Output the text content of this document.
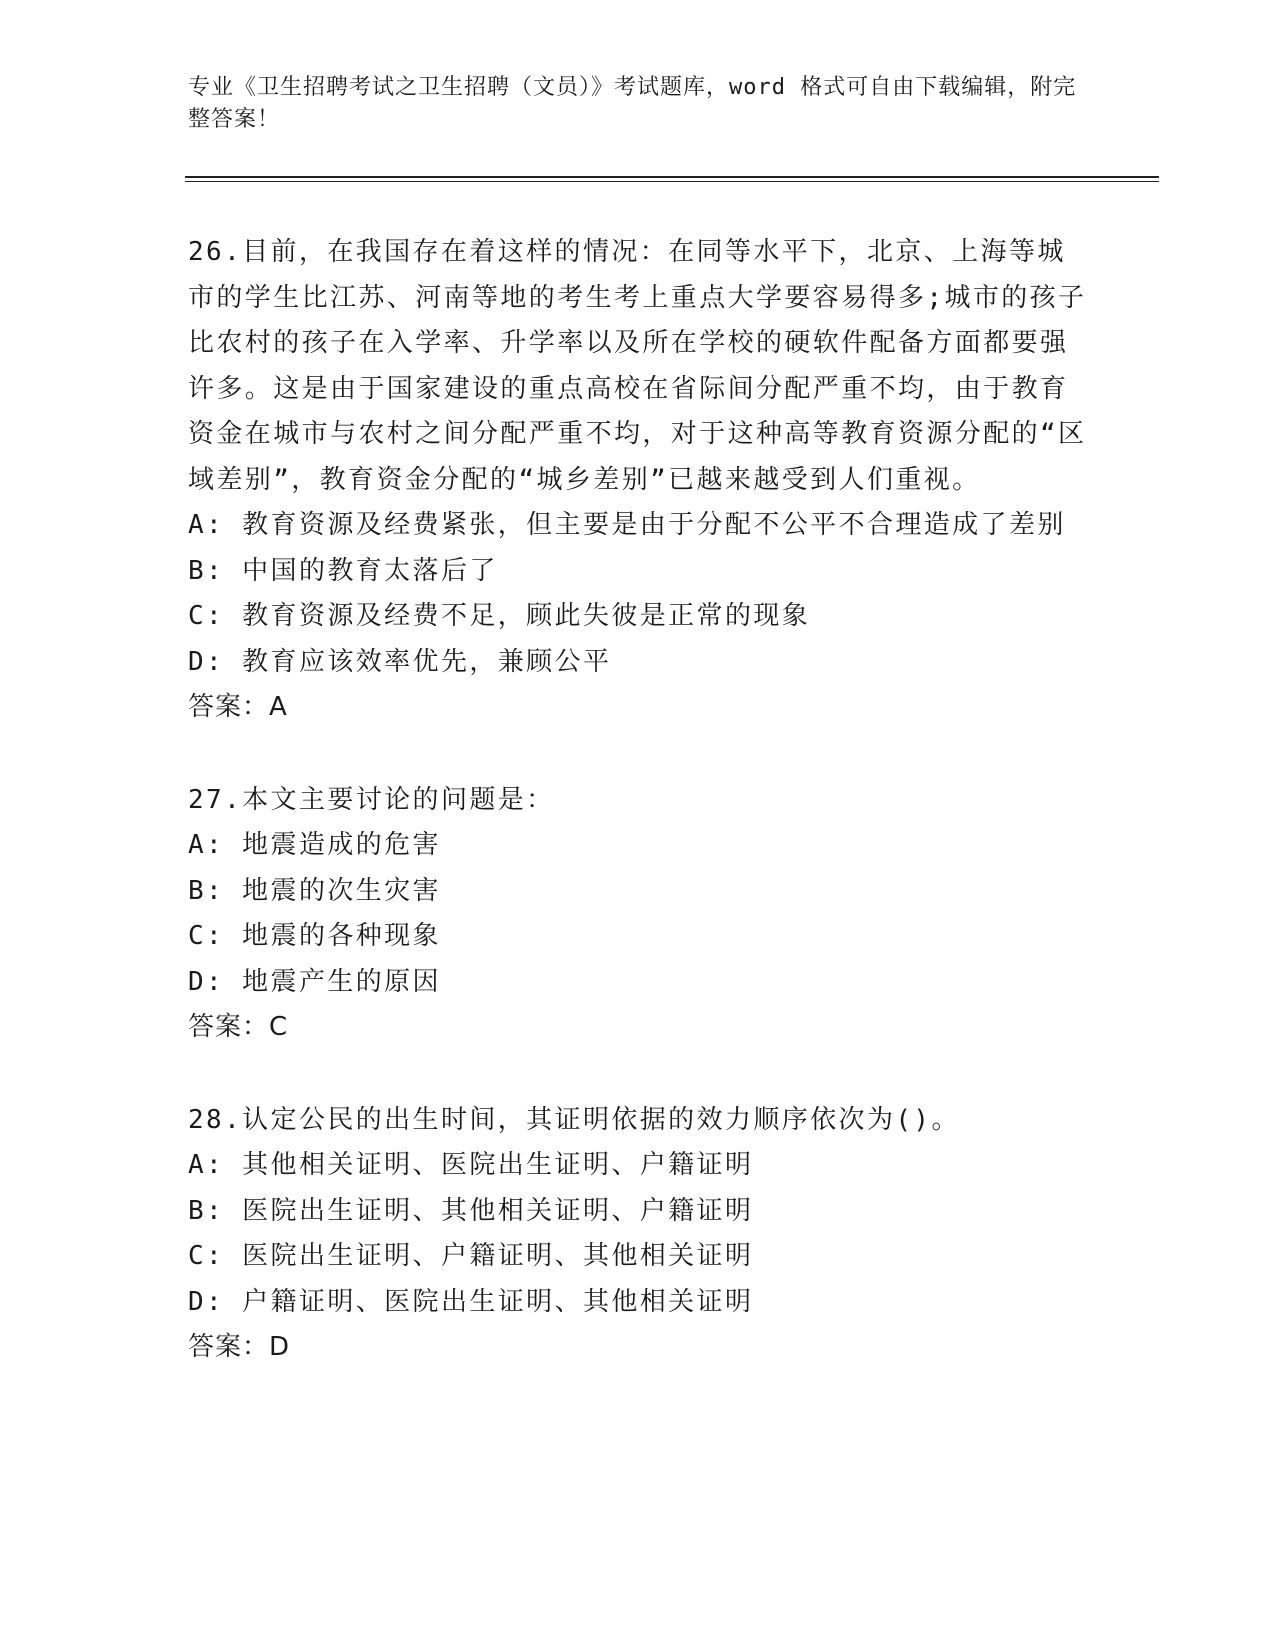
专业《卫生招聘考试之卫生招聘（文员）》考试题库，word 格式可自由下载编辑，附完整答案！

26.目前，在我国存在着这样的情况：在同等水平下，北京、上海等城市的学生比江苏、河南等地的考生考上重点大学要容易得多;城市的孩子比农村的孩子在入学率、升学率以及所在学校的硬软件配备方面都要强许多。这是由于国家建设的重点高校在省际间分配严重不均，由于教育资金在城市与农村之间分配严重不均，对于这种高等教育资源分配的“区域差别”，教育资金分配的“城乡差别”已越来越受到人们重视。

A: 教育资源及经费紧张，但主要是由于分配不公平不合理造成了差别

B: 中国的教育太落后了

C: 教育资源及经费不足，顾此失彼是正常的现象

D: 教育应该效率优先，兼顾公平

答案：A

27.本文主要讨论的问题是：

A: 地震造成的危害

B: 地震的次生灾害

C: 地震的各种现象

D: 地震产生的原因

答案：C

28.认定公民的出生时间，其证明依据的效力顺序依次为()。

A: 其他相关证明、医院出生证明、户籍证明

B: 医院出生证明、其他相关证明、户籍证明

C: 医院出生证明、户籍证明、其他相关证明

D: 户籍证明、医院出生证明、其他相关证明

答案：D
